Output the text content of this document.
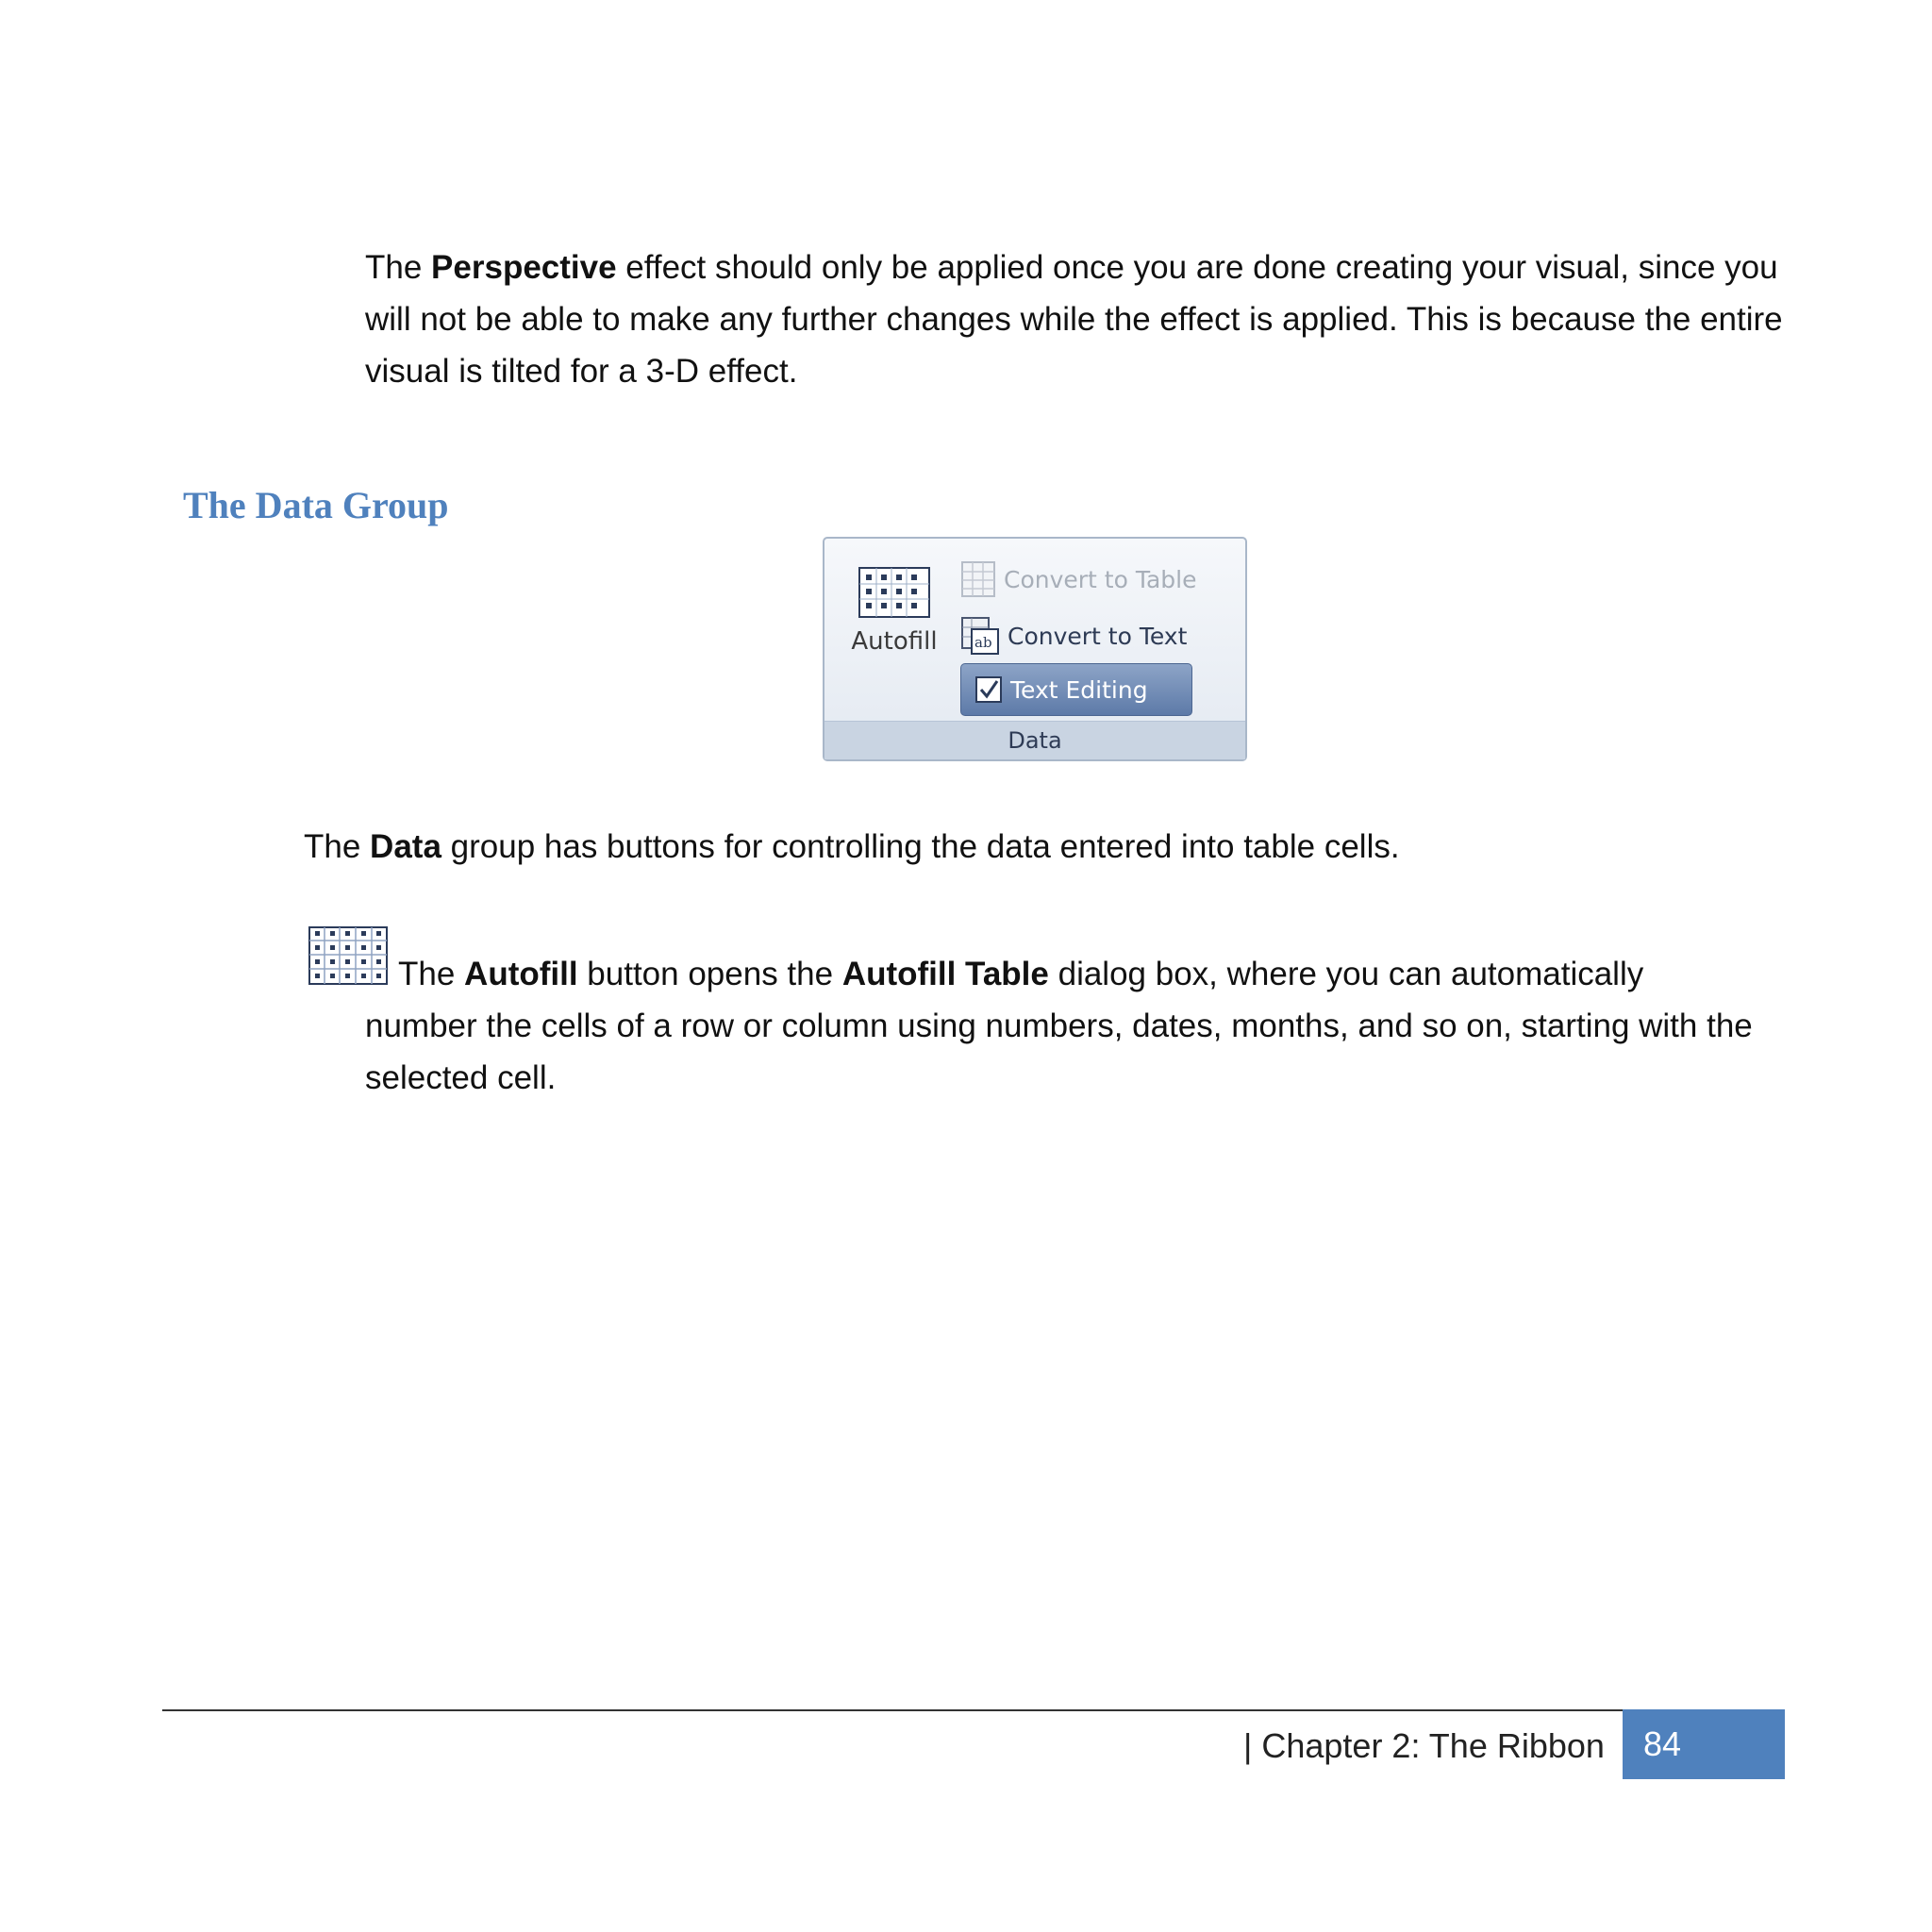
The Perspective effect should only be applied once you are done creating your visual, since you will not be able to make any further changes while the effect is applied. This is because the entire visual is tilted for a 3-D effect.

The Data Group
Autofill
Convert to Table
ab Convert to Text
Text Editing
Data

The Data group has buttons for controlling the data entered into table cells.

The Autofill button opens the Autofill Table dialog box, where you can automatically

number the cells of a row or column using numbers, dates, months, and so on, starting with the selected cell.

| Chapter 2: The Ribbon 84
